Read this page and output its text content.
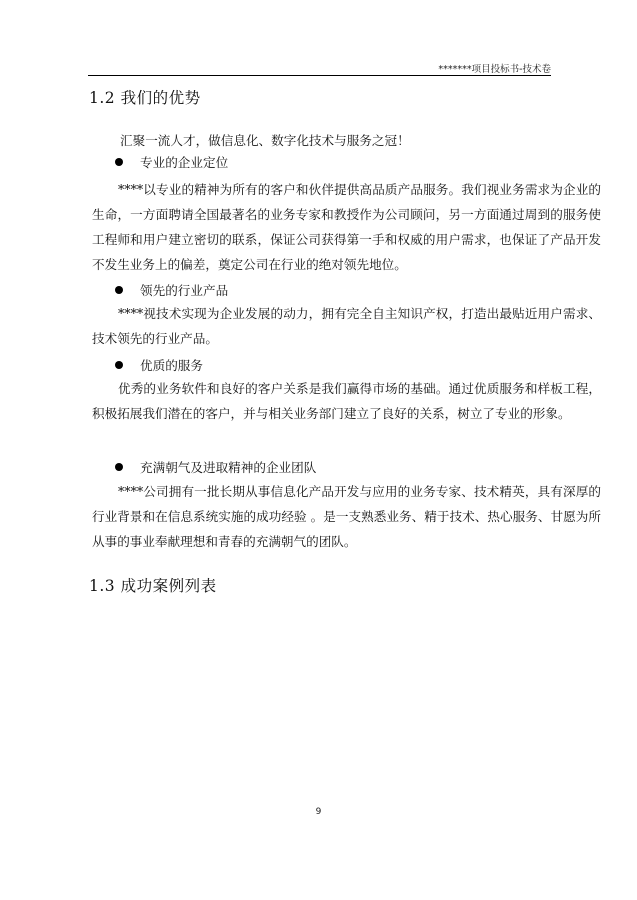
*******项目投标书-技术卷
1.2 我们的优势
汇聚一流人才，做信息化、数字化技术与服务之冠！
专业的企业定位

****以专业的精神为所有的客户和伙伴提供高品质产品服务。我们视业务需求为企业的生命，一方面聘请全国最著名的业务专家和教授作为公司顾问，另一方面通过周到的服务使工程师和用户建立密切的联系，保证公司获得第一手和权威的用户需求，也保证了产品开发不发生业务上的偏差，奠定公司在行业的绝对领先地位。

领先的行业产品

****视技术实现为企业发展的动力，拥有完全自主知识产权，打造出最贴近用户需求、技术领先的行业产品。

优质的服务

优秀的业务软件和良好的客户关系是我们赢得市场的基础。通过优质服务和样板工程，积极拓展我们潜在的客户，并与相关业务部门建立了良好的关系，树立了专业的形象。

充满朝气及进取精神的企业团队

****公司拥有一批长期从事信息化产品开发与应用的业务专家、技术精英，具有深厚的行业背景和在信息系统实施的成功经验 。是一支熟悉业务、精于技术、热心服务、甘愿为所从事的事业奉献理想和青春的充满朝气的团队。

1.3 成功案例列表
9
